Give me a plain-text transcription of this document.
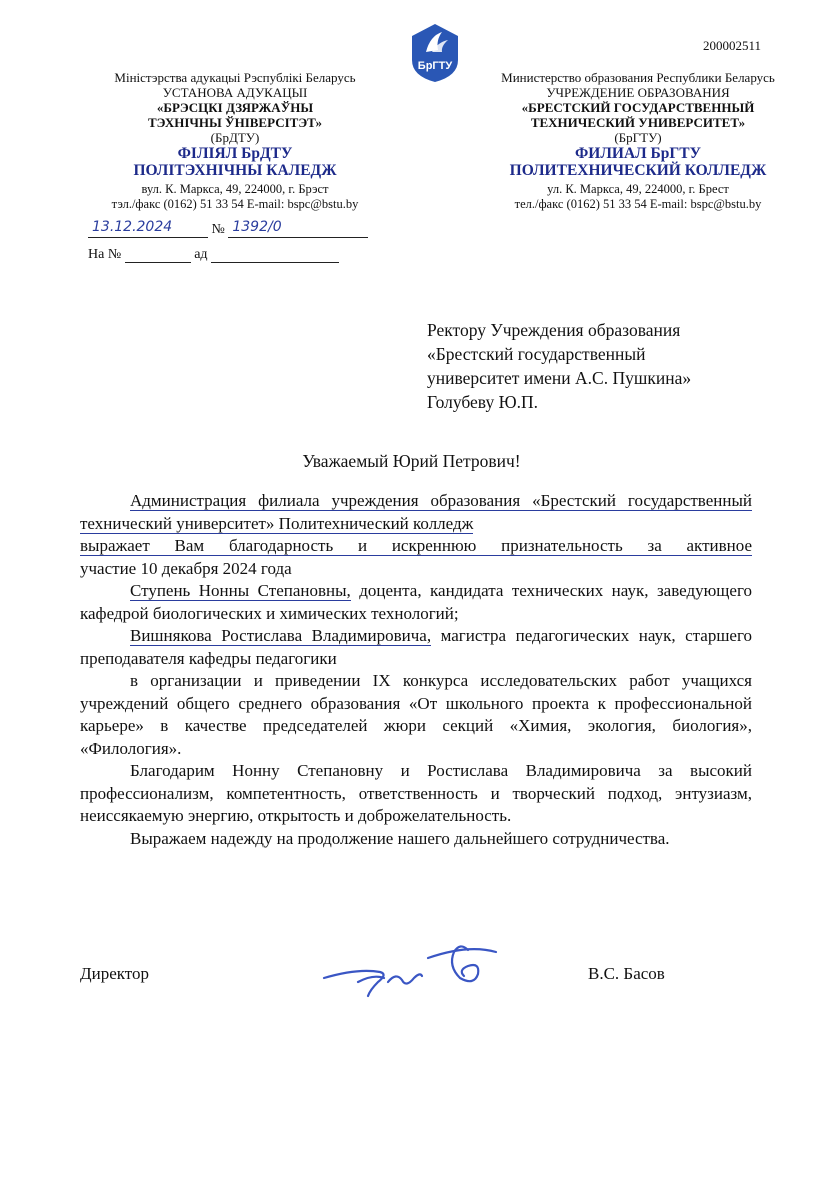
200002511
БрГТУ
Міністэрства адукацыі Рэспублікі Беларусь
УСТАНОВА АДУКАЦЫІ
«БРЭСЦКІ ДЗЯРЖАЎНЫ
ТЭХНІЧНЫ ЎНІВЕРСІТЭТ»
(БрДТУ)
ФІЛІЯЛ БрДТУ
ПОЛІТЭХНІЧНЫ КАЛЕДЖ
вул. К. Маркса, 49, 224000, г. Брэст
тэл./факс (0162) 51 33 54 E-mail: bspc@bstu.by
Министерство образования Республики Беларусь
УЧРЕЖДЕНИЕ ОБРАЗОВАНИЯ
«БРЕСТСКИЙ ГОСУДАРСТВЕННЫЙ
ТЕХНИЧЕСКИЙ УНИВЕРСИТЕТ»
(БрГТУ)
ФИЛИАЛ БрГТУ
ПОЛИТЕХНИЧЕСКИЙ КОЛЛЕДЖ
ул. К. Маркса, 49, 224000, г. Брест
тел./факс (0162) 51 33 54 E-mail: bspc@bstu.by
13.12.2024	№ 1392/0
На №	ад
Ректору Учреждения образования
«Брестский государственный
университет имени А.С. Пушкина»
Голубеву Ю.П.
Уважаемый Юрий Петрович!

Администрация филиала учреждения образования «Брестский государственный технический университет» Политехнический колледж

выражает Вам благодарность и искреннюю признательность за активное

участие 10 декабря 2024 года

Ступень Нонны Степановны, доцента, кандидата технических наук, заведующего кафедрой биологических и химических технологий;

Вишнякова Ростислава Владимировича, магистра педагогических наук, старшего преподавателя кафедры педагогики

в организации и приведении IX конкурса исследовательских работ учащихся учреждений общего среднего образования «От школьного проекта к профессиональной карьере» в качестве председателей жюри секций «Химия, экология, биология», «Филология».

Благодарим Нонну Степановну и Ростислава Владимировича за высокий профессионализм, компетентность, ответственность и творческий подход, энтузиазм, неиссякаемую энергию, открытость и доброжелательность.

Выражаем надежду на продолжение нашего дальнейшего сотрудничества.

Директор	В.С. Басов
